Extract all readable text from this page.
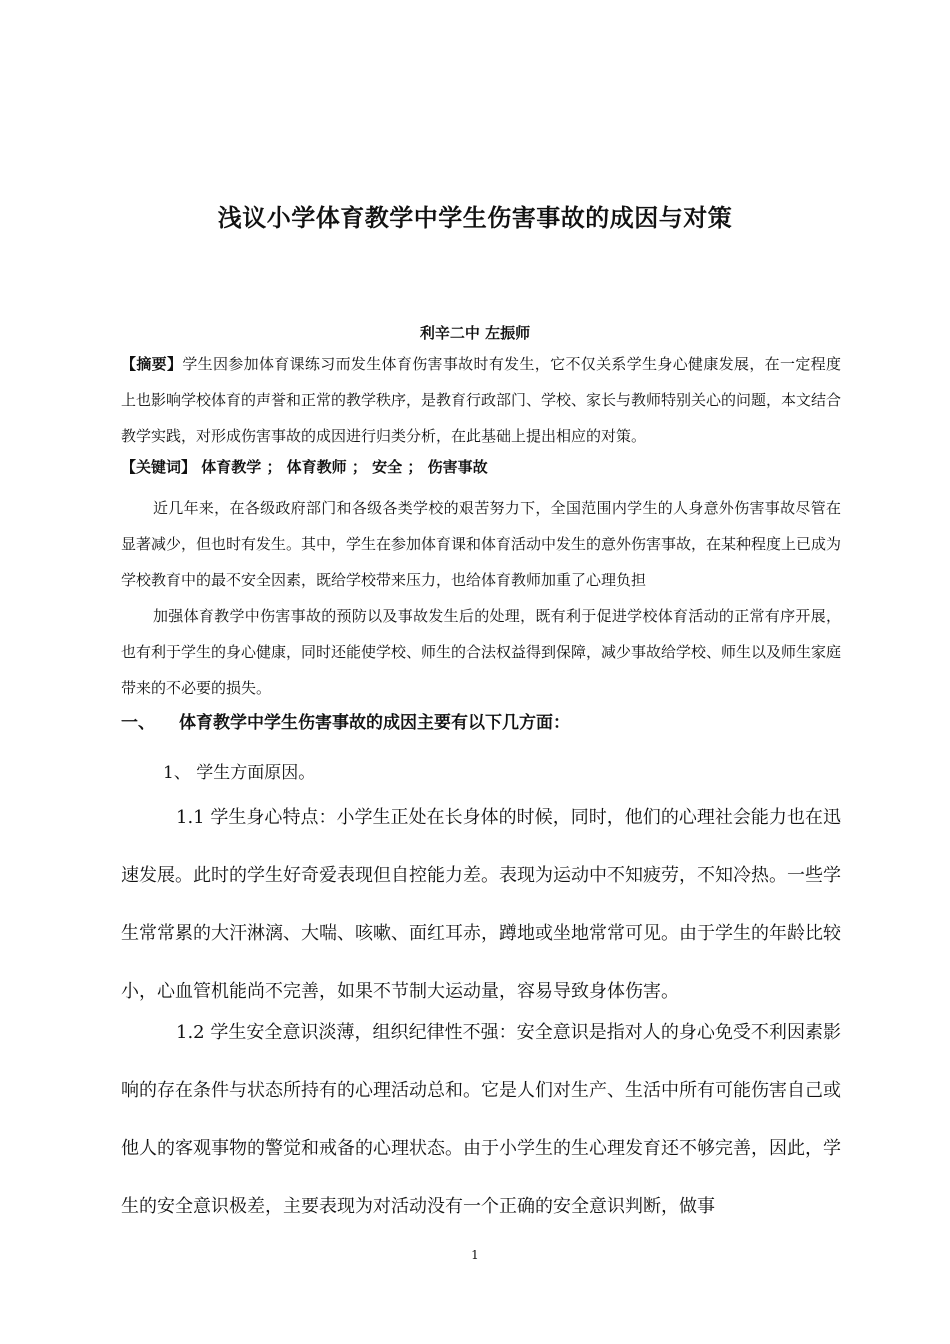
浅议小学体育教学中学生伤害事故的成因与对策
利辛二中 左振师
【摘要】学生因参加体育课练习而发生体育伤害事故时有发生，它不仅关系学生身心健康发展，在一定程度上也影响学校体育的声誉和正常的教学秩序，是教育行政部门、学校、家长与教师特别关心的问题，本文结合教学实践，对形成伤害事故的成因进行归类分析，在此基础上提出相应的对策。
【关键词】 体育教学 ； 体育教师 ； 安全 ； 伤害事故
近几年来，在各级政府部门和各级各类学校的艰苦努力下，全国范围内学生的人身意外伤害事故尽管在显著减少，但也时有发生。其中，学生在参加体育课和体育活动中发生的意外伤害事故，在某种程度上已成为学校教育中的最不安全因素，既给学校带来压力，也给体育教师加重了心理负担
加强体育教学中伤害事故的预防以及事故发生后的处理，既有利于促进学校体育活动的正常有序开展，也有利于学生的身心健康，同时还能使学校、师生的合法权益得到保障，减少事故给学校、师生以及师生家庭带来的不必要的损失。
一、 体育教学中学生伤害事故的成因主要有以下几方面：
1、 学生方面原因。
1.1 学生身心特点：小学生正处在长身体的时候，同时，他们的心理社会能力也在迅速发展。此时的学生好奇爱表现但自控能力差。表现为运动中不知疲劳，不知冷热。一些学生常常累的大汗淋漓、大喘、咳嗽、面红耳赤，蹲地或坐地常常可见。由于学生的年龄比较小，心血管机能尚不完善，如果不节制大运动量，容易导致身体伤害。
1.2 学生安全意识淡薄，组织纪律性不强：安全意识是指对人的身心免受不利因素影响的存在条件与状态所持有的心理活动总和。它是人们对生产、生活中所有可能伤害自己或他人的客观事物的警觉和戒备的心理状态。由于小学生的生心理发育还不够完善，因此，学生的安全意识极差，主要表现为对活动没有一个正确的安全意识判断，做事
1
